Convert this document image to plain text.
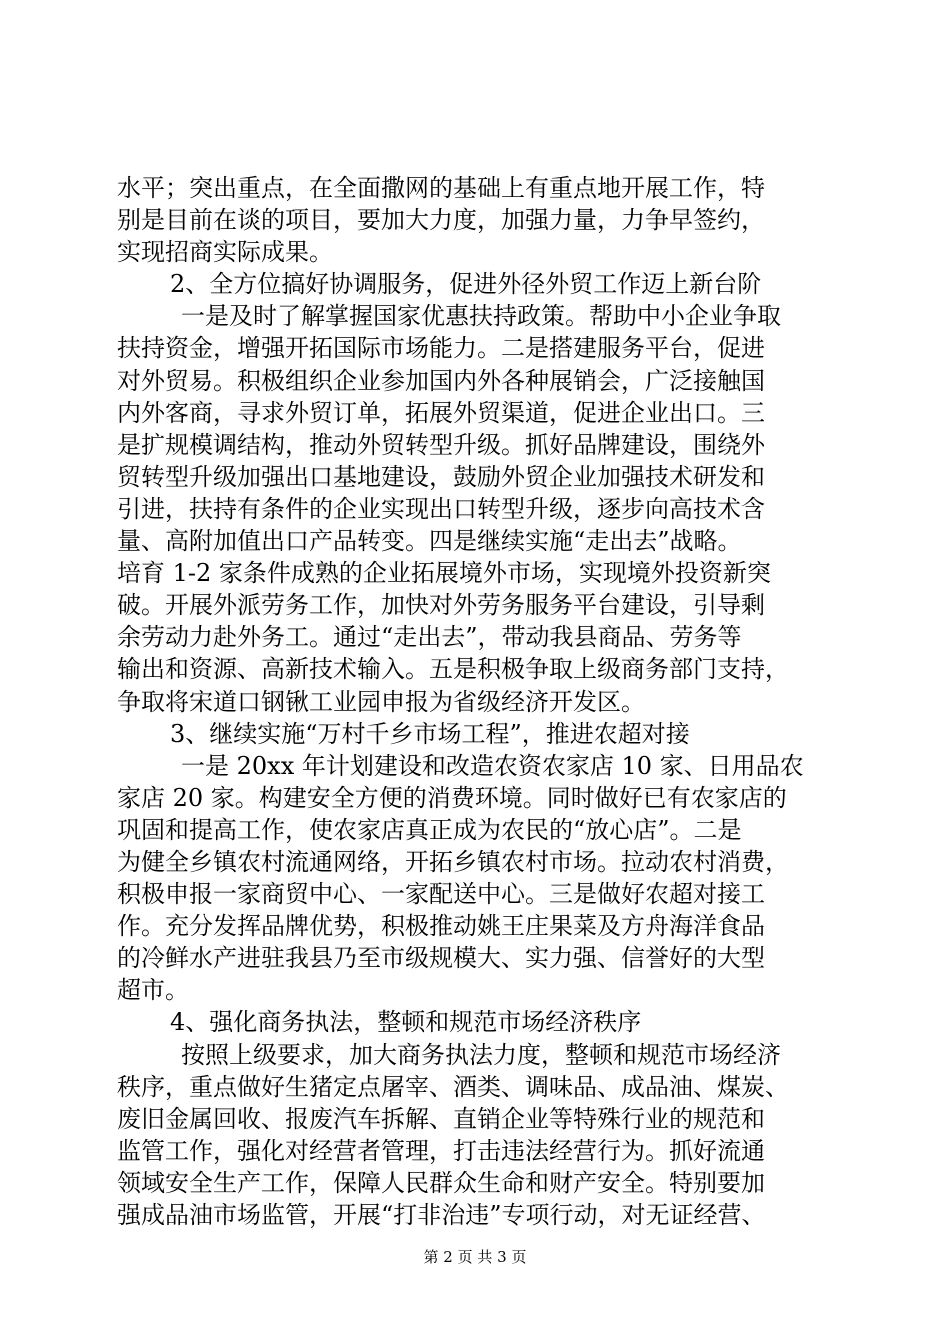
水平；突出重点，在全面撒网的基础上有重点地开展工作，特
别是目前在谈的项目，要加大力度，加强力量，力争早签约，
实现招商实际成果。
2、全方位搞好协调服务，促进外径外贸工作迈上新台阶
一是及时了解掌握国家优惠扶持政策。帮助中小企业争取
扶持资金，增强开拓国际市场能力。二是搭建服务平台，促进
对外贸易。积极组织企业参加国内外各种展销会，广泛接触国
内外客商，寻求外贸订单，拓展外贸渠道，促进企业出口。三
是扩规模调结构，推动外贸转型升级。抓好品牌建设，围绕外
贸转型升级加强出口基地建设，鼓励外贸企业加强技术研发和
引进，扶持有条件的企业实现出口转型升级，逐步向高技术含
量、高附加值出口产品转变。四是继续实施“走出去”战略。
培育 1-2 家条件成熟的企业拓展境外市场，实现境外投资新突
破。开展外派劳务工作，加快对外劳务服务平台建设，引导剩
余劳动力赴外务工。通过“走出去”，带动我县商品、劳务等
输出和资源、高新技术输入。五是积极争取上级商务部门支持，
争取将宋道口钢锹工业园申报为省级经济开发区。
3、继续实施“万村千乡市场工程”，推进农超对接
一是 20xx 年计划建设和改造农资农家店 10 家、日用品农
家店 20 家。构建安全方便的消费环境。同时做好已有农家店的
巩固和提高工作，使农家店真正成为农民的“放心店”。二是
为健全乡镇农村流通网络，开拓乡镇农村市场。拉动农村消费，
积极申报一家商贸中心、一家配送中心。三是做好农超对接工
作。充分发挥品牌优势，积极推动姚王庄果菜及方舟海洋食品
的冷鲜水产进驻我县乃至市级规模大、实力强、信誉好的大型
超市。
4、强化商务执法，整顿和规范市场经济秩序
按照上级要求，加大商务执法力度，整顿和规范市场经济
秩序，重点做好生猪定点屠宰、酒类、调味品、成品油、煤炭、
废旧金属回收、报废汽车拆解、直销企业等特殊行业的规范和
监管工作，强化对经营者管理，打击违法经营行为。抓好流通
领域安全生产工作，保障人民群众生命和财产安全。特别要加
强成品油市场监管，开展“打非治违”专项行动，对无证经营、
第 2 页 共 3 页
